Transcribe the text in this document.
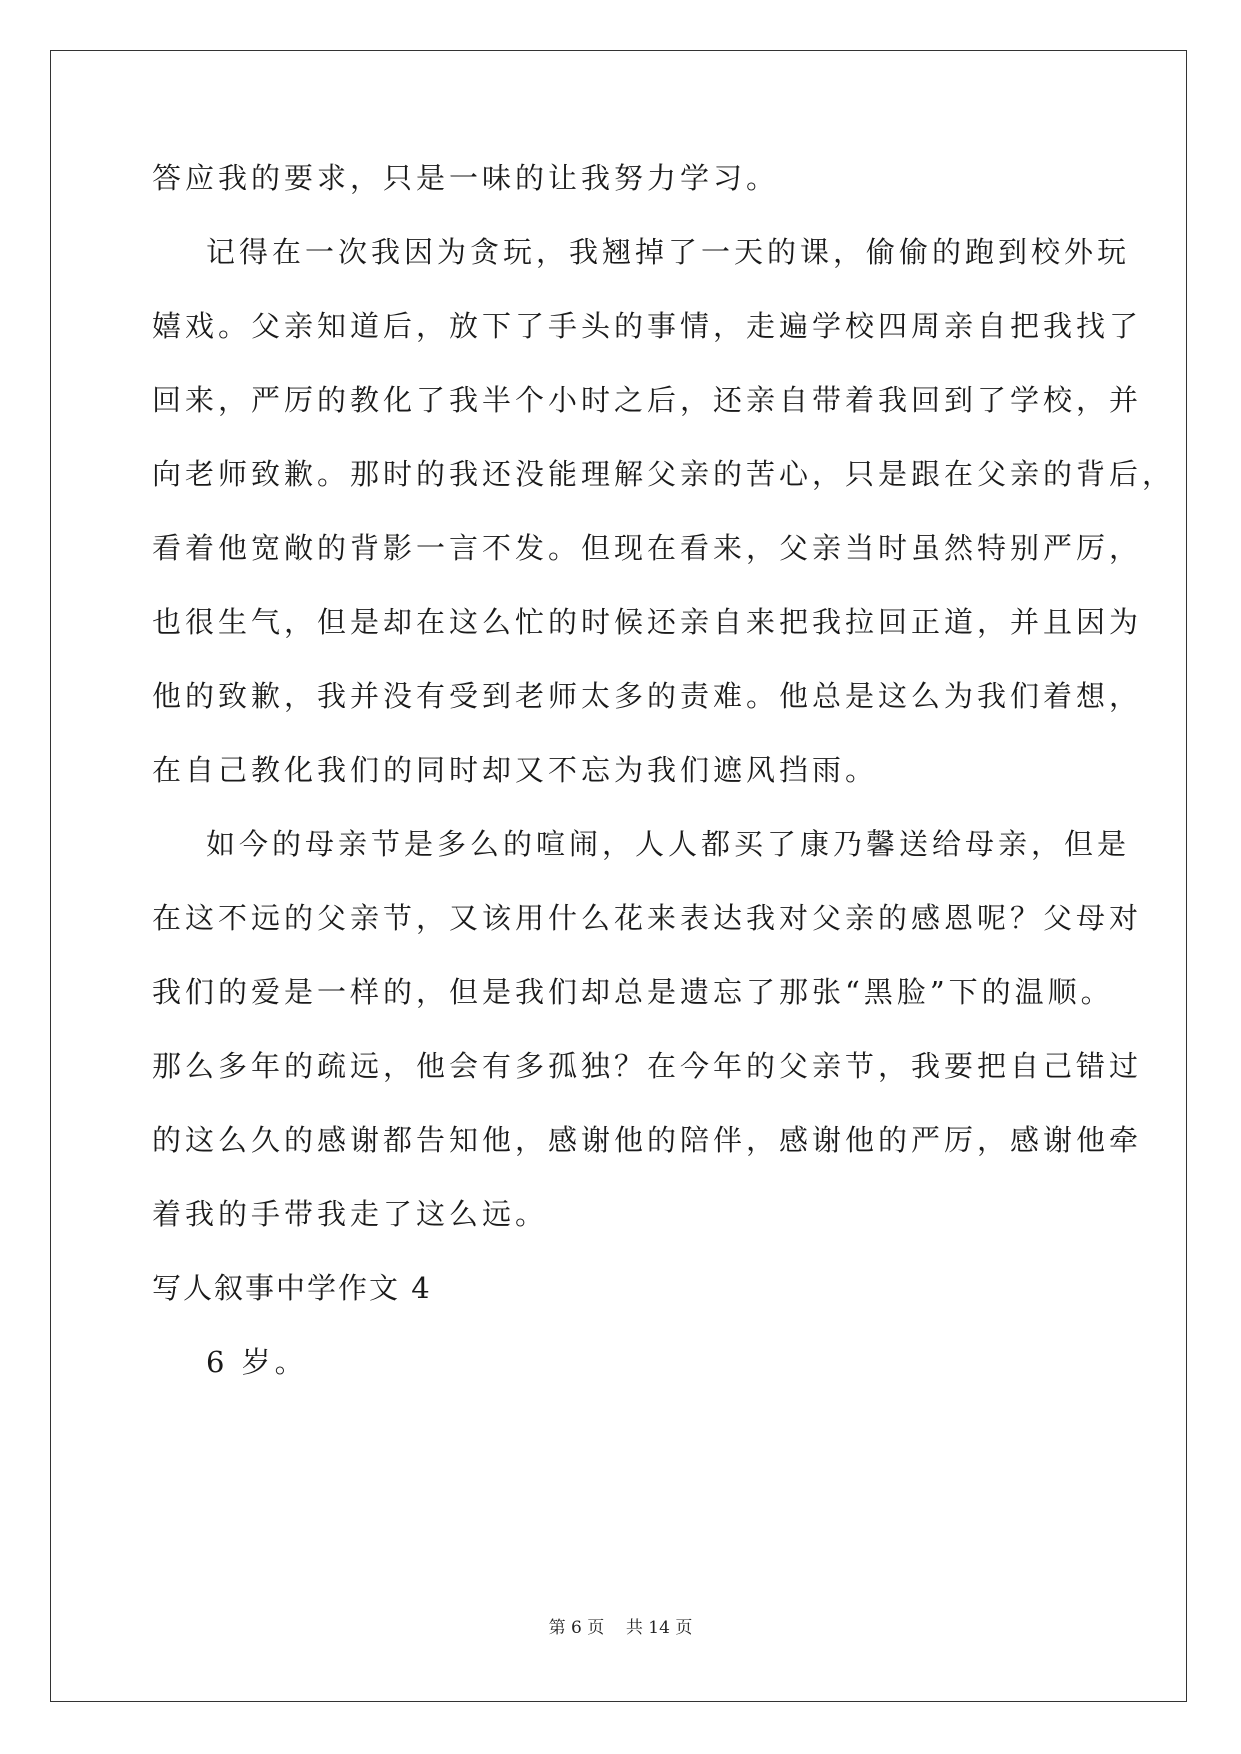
答应我的要求，只是一味的让我努力学习。
记得在一次我因为贪玩，我翘掉了一天的课，偷偷的跑到校外玩
嬉戏。父亲知道后，放下了手头的事情，走遍学校四周亲自把我找了
回来，严厉的教化了我半个小时之后，还亲自带着我回到了学校，并
向老师致歉。那时的我还没能理解父亲的苦心，只是跟在父亲的背后，
看着他宽敞的背影一言不发。但现在看来，父亲当时虽然特别严厉，
也很生气，但是却在这么忙的时候还亲自来把我拉回正道，并且因为
他的致歉，我并没有受到老师太多的责难。他总是这么为我们着想，
在自己教化我们的同时却又不忘为我们遮风挡雨。
如今的母亲节是多么的喧闹，人人都买了康乃馨送给母亲，但是
在这不远的父亲节，又该用什么花来表达我对父亲的感恩呢？父母对
我们的爱是一样的，但是我们却总是遗忘了那张“黑脸”下的温顺。
那么多年的疏远，他会有多孤独？在今年的父亲节，我要把自己错过
的这么久的感谢都告知他，感谢他的陪伴，感谢他的严厉，感谢他牵
着我的手带我走了这么远。
写人叙事中学作文 4
6 岁。
第 6 页    共 14 页
